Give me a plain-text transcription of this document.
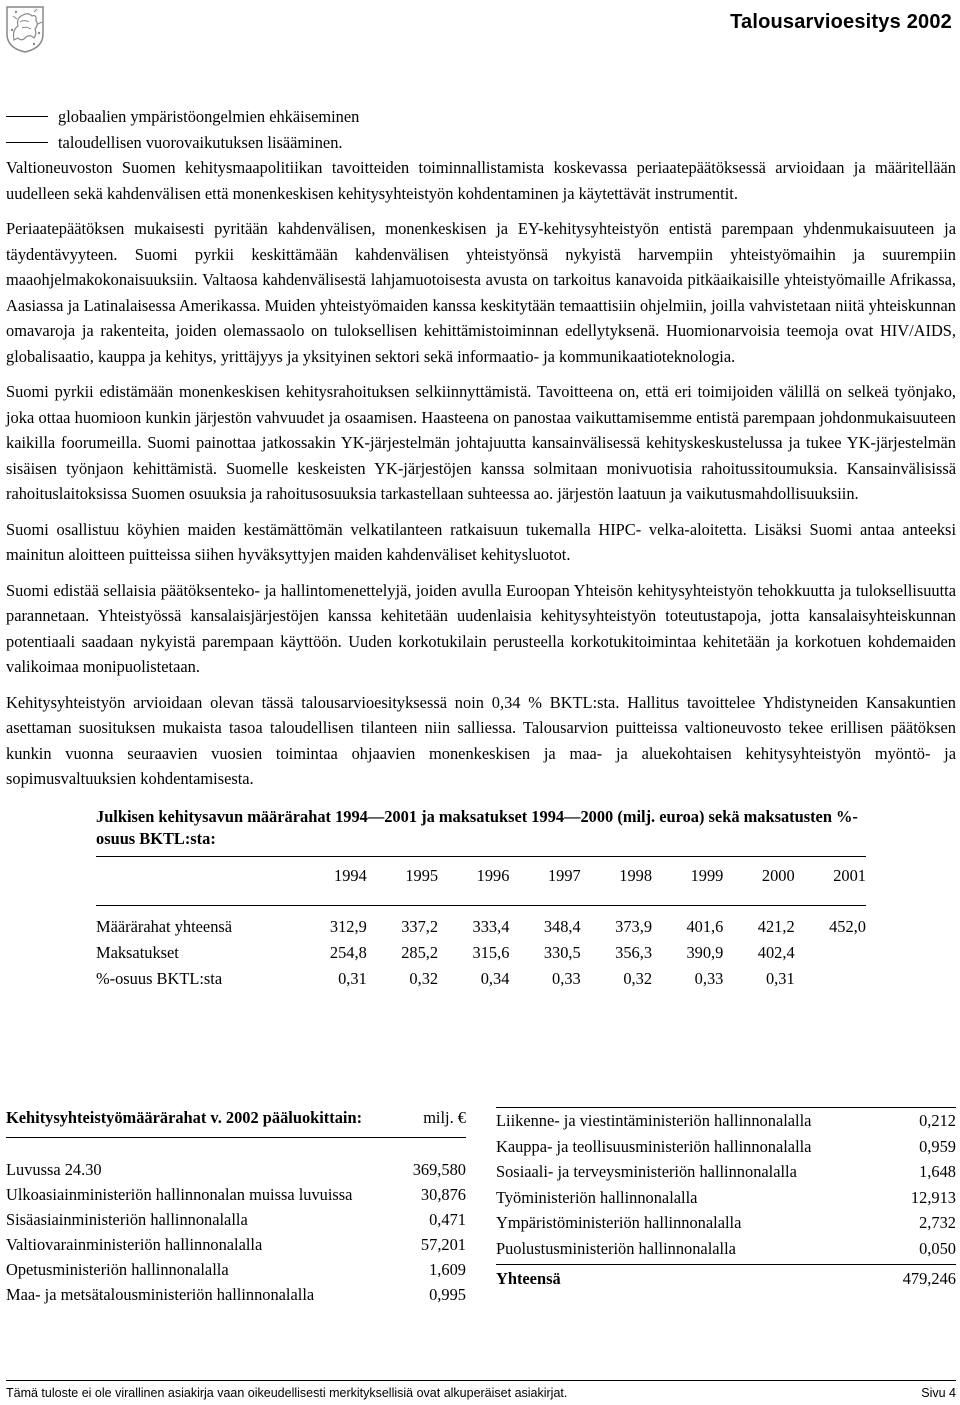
Talousarvioesitys 2002
globaalien ympäristöongelmien ehkäiseminen
taloudellisen vuorovaikutuksen lisääminen.

Valtioneuvoston Suomen kehitysmaapolitiikan tavoitteiden toiminnallistamista koskevassa periaatepäätöksessä arvioidaan ja määritellään uudelleen sekä kahdenvälisen että monenkeskisen kehitysyhteistyön kohdentaminen ja käytettävät instrumentit.

Periaatepäätöksen mukaisesti pyritään kahdenvälisen, monenkeskisen ja EY-kehitysyhteistyön entistä parempaan yhdenmukaisuuteen ja täydentävyyteen. Suomi pyrkii keskittämään kahdenvälisen yhteistyönsä nykyistä harvempiin yhteistyömaihin ja suurempiin maaohjelmakokonaisuuksiin. Valtaosa kahdenvälisestä lahjamuotoisesta avusta on tarkoitus kanavoida pitkäaikaisille yhteistyömaille Afrikassa, Aasiassa ja Latinalaisessa Amerikassa. Muiden yhteistyömaiden kanssa keskitytään temaattisiin ohjelmiin, joilla vahvistetaan niitä yhteiskunnan omavaroja ja rakenteita, joiden olemassaolo on tuloksellisen kehittämistoiminnan edellytyksenä. Huomionarvoisia teemoja ovat HIV/AIDS, globalisaatio, kauppa ja kehitys, yrittäjyys ja yksityinen sektori sekä informaatio- ja kommunikaatioteknologia.

Suomi pyrkii edistämään monenkeskisen kehitysrahoituksen selkiinnyttämistä. Tavoitteena on, että eri toimijoiden välillä on selkeä työnjako, joka ottaa huomioon kunkin järjestön vahvuudet ja osaamisen. Haasteena on panostaa vaikuttamisemme entistä parempaan johdonmukaisuuteen kaikilla foorumeilla. Suomi painottaa jatkossakin YK-järjestelmän johtajuutta kansainvälisessä kehityskeskustelussa ja tukee YK-järjestelmän sisäisen työnjaon kehittämistä. Suomelle keskeisten YK-järjestöjen kanssa solmitaan monivuotisia rahoitussitoumuksia. Kansainvälisissä rahoituslaitoksissa Suomen osuuksia ja rahoitusosuuksia tarkastellaan suhteessa ao. järjestön laatuun ja vaikutusmahdollisuuksiin.

Suomi osallistuu köyhien maiden kestämättömän velkatilanteen ratkaisuun tukemalla HIPC- velka-aloitetta. Lisäksi Suomi antaa anteeksi mainitun aloitteen puitteissa siihen hyväksyttyjen maiden kahdenväliset kehitysluotot.

Suomi edistää sellaisia päätöksenteko- ja hallintomenettelyjä, joiden avulla Euroopan Yhteisön kehitysyhteistyön tehokkuutta ja tuloksellisuutta parannetaan. Yhteistyössä kansalaisjärjestöjen kanssa kehitetään uudenlaisia kehitysyhteistyön toteutustapoja, jotta kansalaisyhteiskunnan potentiaali saadaan nykyistä parempaan käyttöön. Uuden korkotukilain perusteella korkotukitoimintaa kehitetään ja korkotuen kohdemaiden valikoimaa monipuolistetaan.

Kehitysyhteistyön arvioidaan olevan tässä talousarvioesityksessä noin 0,34 % BKTL:sta. Hallitus tavoittelee Yhdistyneiden Kansakuntien asettaman suosituksen mukaista tasoa taloudellisen tilanteen niin salliessa. Talousarvion puitteissa valtioneuvosto tekee erillisen päätöksen kunkin vuonna seuraavien vuosien toimintaa ohjaavien monenkeskisen ja maa- ja aluekohtaisen kehitysyhteistyön myöntö- ja sopimusvaltuuksien kohdentamisesta.

Julkisen kehitysavun määrärahat 1994—2001 ja maksatukset 1994—2000 (milj. euroa) sekä maksatusten %-osuus BKTL:sta:
1994	1995	1996	1997	1998	1999	2000	2001
Määrärahat yhteensä	312,9	337,2	333,4	348,4	373,9	401,6	421,2	452,0
Maksatukset	254,8	285,2	315,6	330,5	356,3	390,9	402,4
%-osuus BKTL:sta	0,31	0,32	0,34	0,33	0,32	0,33	0,31
Kehitysyhteistyömäärärahat v. 2002 pääluokittain:	milj. €
Luvussa 24.30	369,580
Ulkoasiainministeriön hallinnonalan muissa luvuissa	30,876
Sisäasiainministeriön hallinnonalalla	0,471
Valtiovarainministeriön hallinnonalalla	57,201
Opetusministeriön hallinnonalalla	1,609
Maa- ja metsätalousministeriön hallinnonalalla	0,995
Liikenne- ja viestintäministeriön hallinnonalalla	0,212
Kauppa- ja teollisuusministeriön hallinnonalalla	0,959
Sosiaali- ja terveysministeriön hallinnonalalla	1,648
Työministeriön hallinnonalalla	12,913
Ympäristöministeriön hallinnonalalla	2,732
Puolustusministeriön hallinnonalalla	0,050
Yhteensä	479,246
Tämä tuloste ei ole virallinen asiakirja vaan oikeudellisesti merkityksellisiä ovat alkuperäiset asiakirjat.	Sivu 4
